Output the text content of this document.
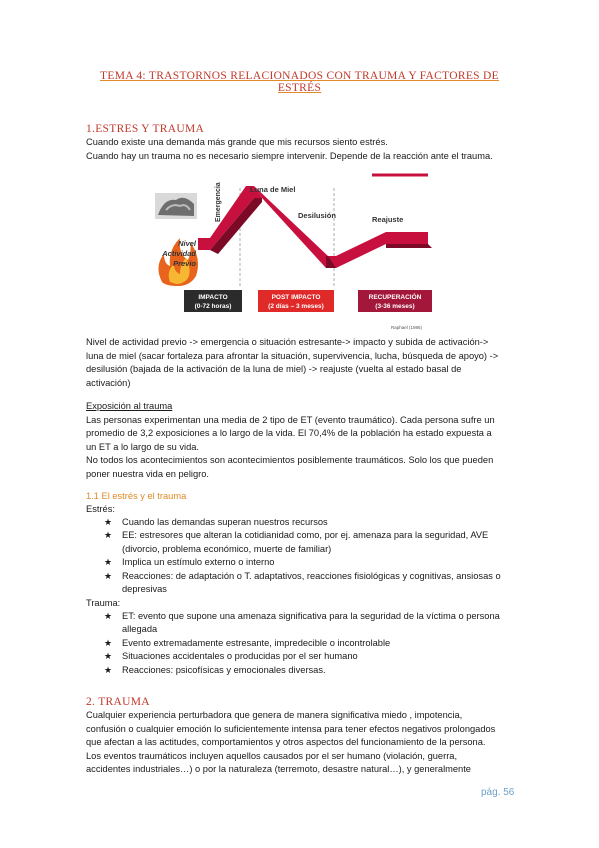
TEMA 4: TRASTORNOS RELACIONADOS CON TRAUMA Y FACTORES DE ESTRÉS
1.ESTRES Y TRAUMA
Cuando existe una demanda más grande que mis recursos siento estrés.
Cuando hay un trauma no es necesario siempre intervenir. Depende de la reacción ante el trauma.
Nivel
Actividad
Previo
Emergencia	Luna de Miel
Desilusión	Reajuste
IMPACTO
(0-72 horas)
POST IMPACTO
(2 días – 3 meses)
RECUPERACIÓN
(3-36 meses)
Raphael (1986)
Nivel de actividad previo -> emergencia o situación estresante-> impacto y subida de activación->
luna de miel (sacar fortaleza para afrontar la situación, supervivencia, lucha, búsqueda de apoyo) ->
desilusión (bajada de la activación de la luna de miel) -> reajuste (vuelta al estado basal de
activación)
Exposición al trauma
Las personas experimentan una media de 2 tipo de ET (evento traumático). Cada persona sufre un
promedio de 3,2 exposiciones a lo largo de la vida. El 70,4% de la población ha estado expuesta a
un ET a lo largo de su vida.
No todos los acontecimientos son acontecimientos posiblemente traumáticos. Solo los que pueden
poner nuestra vida en peligro.
1.1 El estrés y el trauma
Estrés:
★ Cuando las demandas superan nuestros recursos
★ EE: estresores que alteran la cotidianidad como, por ej. amenaza para la seguridad, AVE
(divorcio, problema económico, muerte de familiar)
★ Implica un estímulo externo o interno
★ Reacciones: de adaptación o T. adaptativos, reacciones fisiológicas y cognitivas, ansiosas o
depresivas
Trauma:
★ ET: evento que supone una amenaza significativa para la seguridad de la víctima o persona
allegada
★ Evento extremadamente estresante, impredecible o incontrolable
★ Situaciones accidentales o producidas por el ser humano
★ Reacciones: psicofísicas y emocionales diversas.
2. TRAUMA
Cualquier experiencia perturbadora que genera de manera significativa miedo , impotencia,
confusión o cualquier emoción lo suficientemente intensa para tener efectos negativos prolongados
que afectan a las actitudes, comportamientos y otros aspectos del funcionamiento de la persona.
Los eventos traumáticos incluyen aquellos causados por el ser humano (violación, guerra,
accidentes industriales…) o por la naturaleza (terremoto, desastre natural…), y generalmente
pág. 56
